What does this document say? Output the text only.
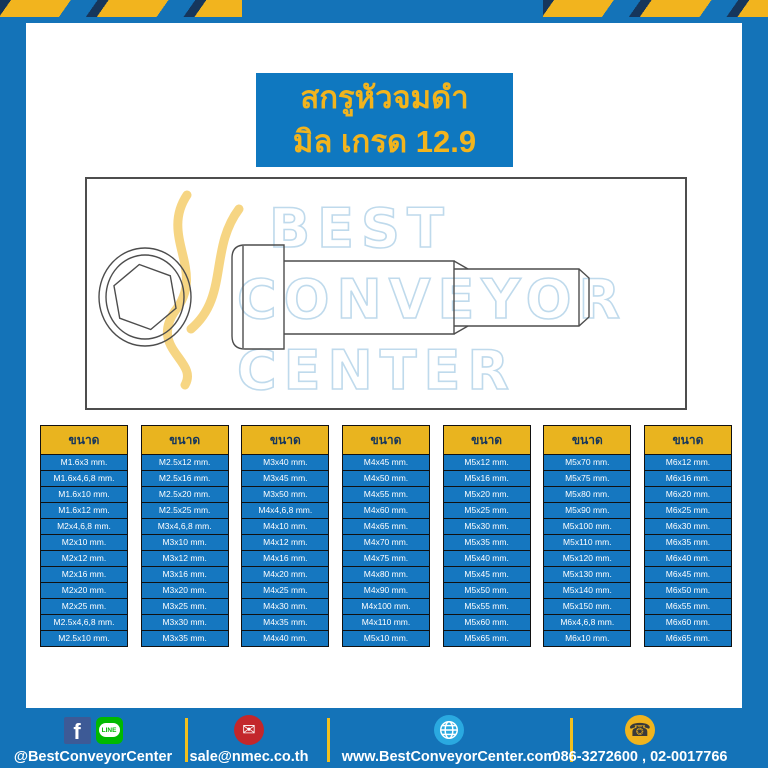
สกรูหัวจมดำ
มิล เกรด 12.9
BEST
CONVEYOR
CENTER
ขนาด
M1.6x3 mm.
M1.6x4,6,8 mm.
M1.6x10 mm.
M1.6x12 mm.
M2x4,6,8 mm.
M2x10 mm.
M2x12 mm.
M2x16 mm.
M2x20 mm.
M2x25 mm.
M2.5x4,6,8 mm.
M2.5x10 mm.
ขนาด
M2.5x12 mm.
M2.5x16 mm.
M2.5x20 mm.
M2.5x25 mm.
M3x4,6,8 mm.
M3x10 mm.
M3x12 mm.
M3x16 mm.
M3x20 mm.
M3x25 mm.
M3x30 mm.
M3x35 mm.
ขนาด
M3x40 mm.
M3x45 mm.
M3x50 mm.
M4x4,6,8 mm.
M4x10 mm.
M4x12 mm.
M4x16 mm.
M4x20 mm.
M4x25 mm.
M4x30 mm.
M4x35 mm.
M4x40 mm.
ขนาด
M4x45 mm.
M4x50 mm.
M4x55 mm.
M4x60 mm.
M4x65 mm.
M4x70 mm.
M4x75 mm.
M4x80 mm.
M4x90 mm.
M4x100 mm.
M4x110 mm.
M5x10 mm.
ขนาด
M5x12 mm.
M5x16 mm.
M5x20 mm.
M5x25 mm.
M5x30 mm.
M5x35 mm.
M5x40 mm.
M5x45 mm.
M5x50 mm.
M5x55 mm.
M5x60 mm.
M5x65 mm.
ขนาด
M5x70 mm.
M5x75 mm.
M5x80 mm.
M5x90 mm.
M5x100 mm.
M5x110 mm.
M5x120 mm.
M5x130 mm.
M5x140 mm.
M5x150 mm.
M6x4,6,8 mm.
M6x10 mm.
ขนาด
M6x12 mm.
M6x16 mm.
M6x20 mm.
M6x25 mm.
M6x30 mm.
M6x35 mm.
M6x40 mm.
M6x45 mm.
M6x50 mm.
M6x55 mm.
M6x60 mm.
M6x65 mm.
f	LINE
@BestConveyorCenter
✉
sale@nmec.co.th	www.BestConveyorCenter.com
☎
086-3272600 , 02-0017766
